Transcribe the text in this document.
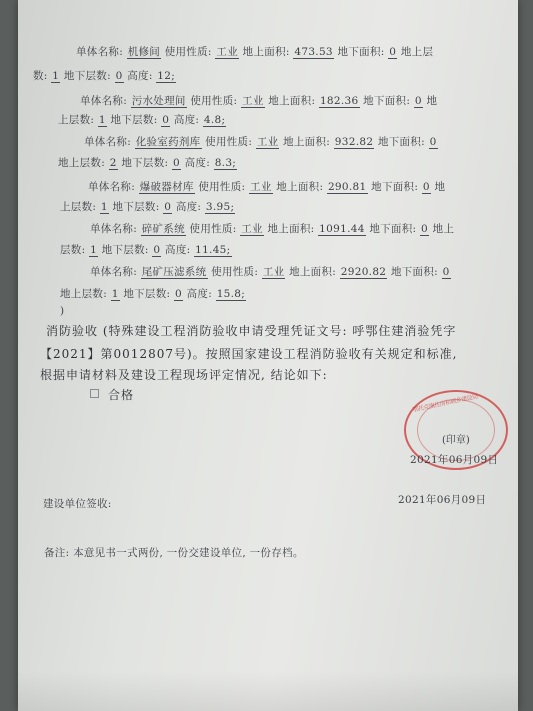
单体名称: 机修间 使用性质: 工业 地上面积: 473.53 地下面积: 0 地上层
数: 1 地下层数: 0 高度: 12;
单体名称: 污水处理间 使用性质: 工业 地上面积: 182.36 地下面积: 0 地
上层数: 1 地下层数: 0 高度: 4.8;
单体名称: 化验室药剂库 使用性质: 工业 地上面积: 932.82 地下面积: 0
地上层数: 2 地下层数: 0 高度: 8.3;
单体名称: 爆破器材库 使用性质: 工业 地上面积: 290.81 地下面积: 0 地
上层数: 1 地下层数: 0 高度: 3.95;
单体名称: 碎矿系统 使用性质: 工业 地上面积: 1091.44 地下面积: 0 地上
层数: 1 地下层数: 0 高度: 11.45;
单体名称: 尾矿压滤系统 使用性质: 工业 地上面积: 2920.82 地下面积: 0
地上层数: 1 地下层数: 0 高度: 15.8;
)
消防验收 (特殊建设工程消防验收申请受理凭证文号: 呼鄂住建消验凭字
【2021】第0012807号)。按照国家建设工程消防验收有关规定和标准,
根据申请材料及建设工程现场评定情况, 结论如下:
合格	鄂托克旗住房和城乡建设局
(印章)
2021年06月09日
建设单位签收:	2021年06月09日
备注: 本意见书一式两份, 一份交建设单位, 一份存档。
